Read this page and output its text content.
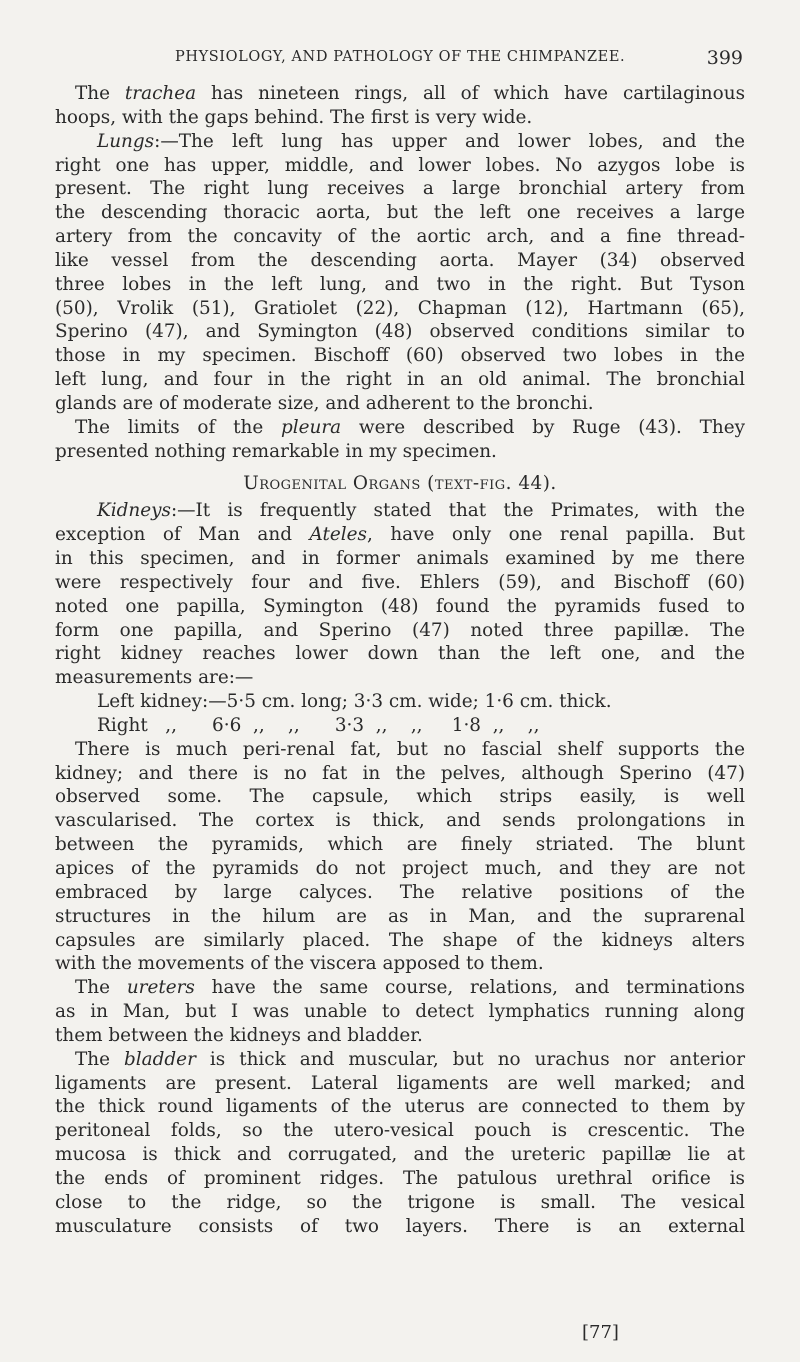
PHYSIOLOGY, AND PATHOLOGY OF THE CHIMPANZEE.	399
The trachea has nineteen rings, all of which have cartilaginous
hoops, with the gaps behind. The first is very wide.
Lungs:—The left lung has upper and lower lobes, and the
right one has upper, middle, and lower lobes. No azygos lobe is
present. The right lung receives a large bronchial artery from
the descending thoracic aorta, but the left one receives a large
artery from the concavity of the aortic arch, and a fine thread-
like vessel from the descending aorta. Mayer (34) observed
three lobes in the left lung, and two in the right. But Tyson
(50), Vrolik (51), Gratiolet (22), Chapman (12), Hartmann (65),
Sperino (47), and Symington (48) observed conditions similar to
those in my specimen. Bischoff (60) observed two lobes in the
left lung, and four in the right in an old animal. The bronchial
glands are of moderate size, and adherent to the bronchi.
The limits of the pleura were described by Ruge (43). They
presented nothing remarkable in my specimen.
Urogenital Organs (text-fig. 44).
Kidneys:—It is frequently stated that the Primates, with the
exception of Man and Ateles, have only one renal papilla. But
in this specimen, and in former animals examined by me there
were respectively four and five. Ehlers (59), and Bischoff (60)
noted one papilla, Symington (48) found the pyramids fused to
form one papilla, and Sperino (47) noted three papillæ. The
right kidney reaches lower down than the left one, and the
measurements are:—
Left kidney:—5·5 cm. long; 3·3 cm. wide; 1·6 cm. thick.
Right   ,,      6·6  ,,    ,,      3·3  ,,    ,,     1·8  ,,    ,,
There is much peri-renal fat, but no fascial shelf supports the
kidney; and there is no fat in the pelves, although Sperino (47)
observed some. The capsule, which strips easily, is well
vascularised. The cortex is thick, and sends prolongations in
between the pyramids, which are finely striated. The blunt
apices of the pyramids do not project much, and they are not
embraced by large calyces. The relative positions of the
structures in the hilum are as in Man, and the suprarenal
capsules are similarly placed. The shape of the kidneys alters
with the movements of the viscera apposed to them.
The ureters have the same course, relations, and terminations
as in Man, but I was unable to detect lymphatics running along
them between the kidneys and bladder.
The bladder is thick and muscular, but no urachus nor anterior
ligaments are present. Lateral ligaments are well marked; and
the thick round ligaments of the uterus are connected to them by
peritoneal folds, so the utero-vesical pouch is crescentic. The
mucosa is thick and corrugated, and the ureteric papillæ lie at
the ends of prominent ridges. The patulous urethral orifice is
close to the ridge, so the trigone is small. The vesical
musculature consists of two layers. There is an external
[77]
